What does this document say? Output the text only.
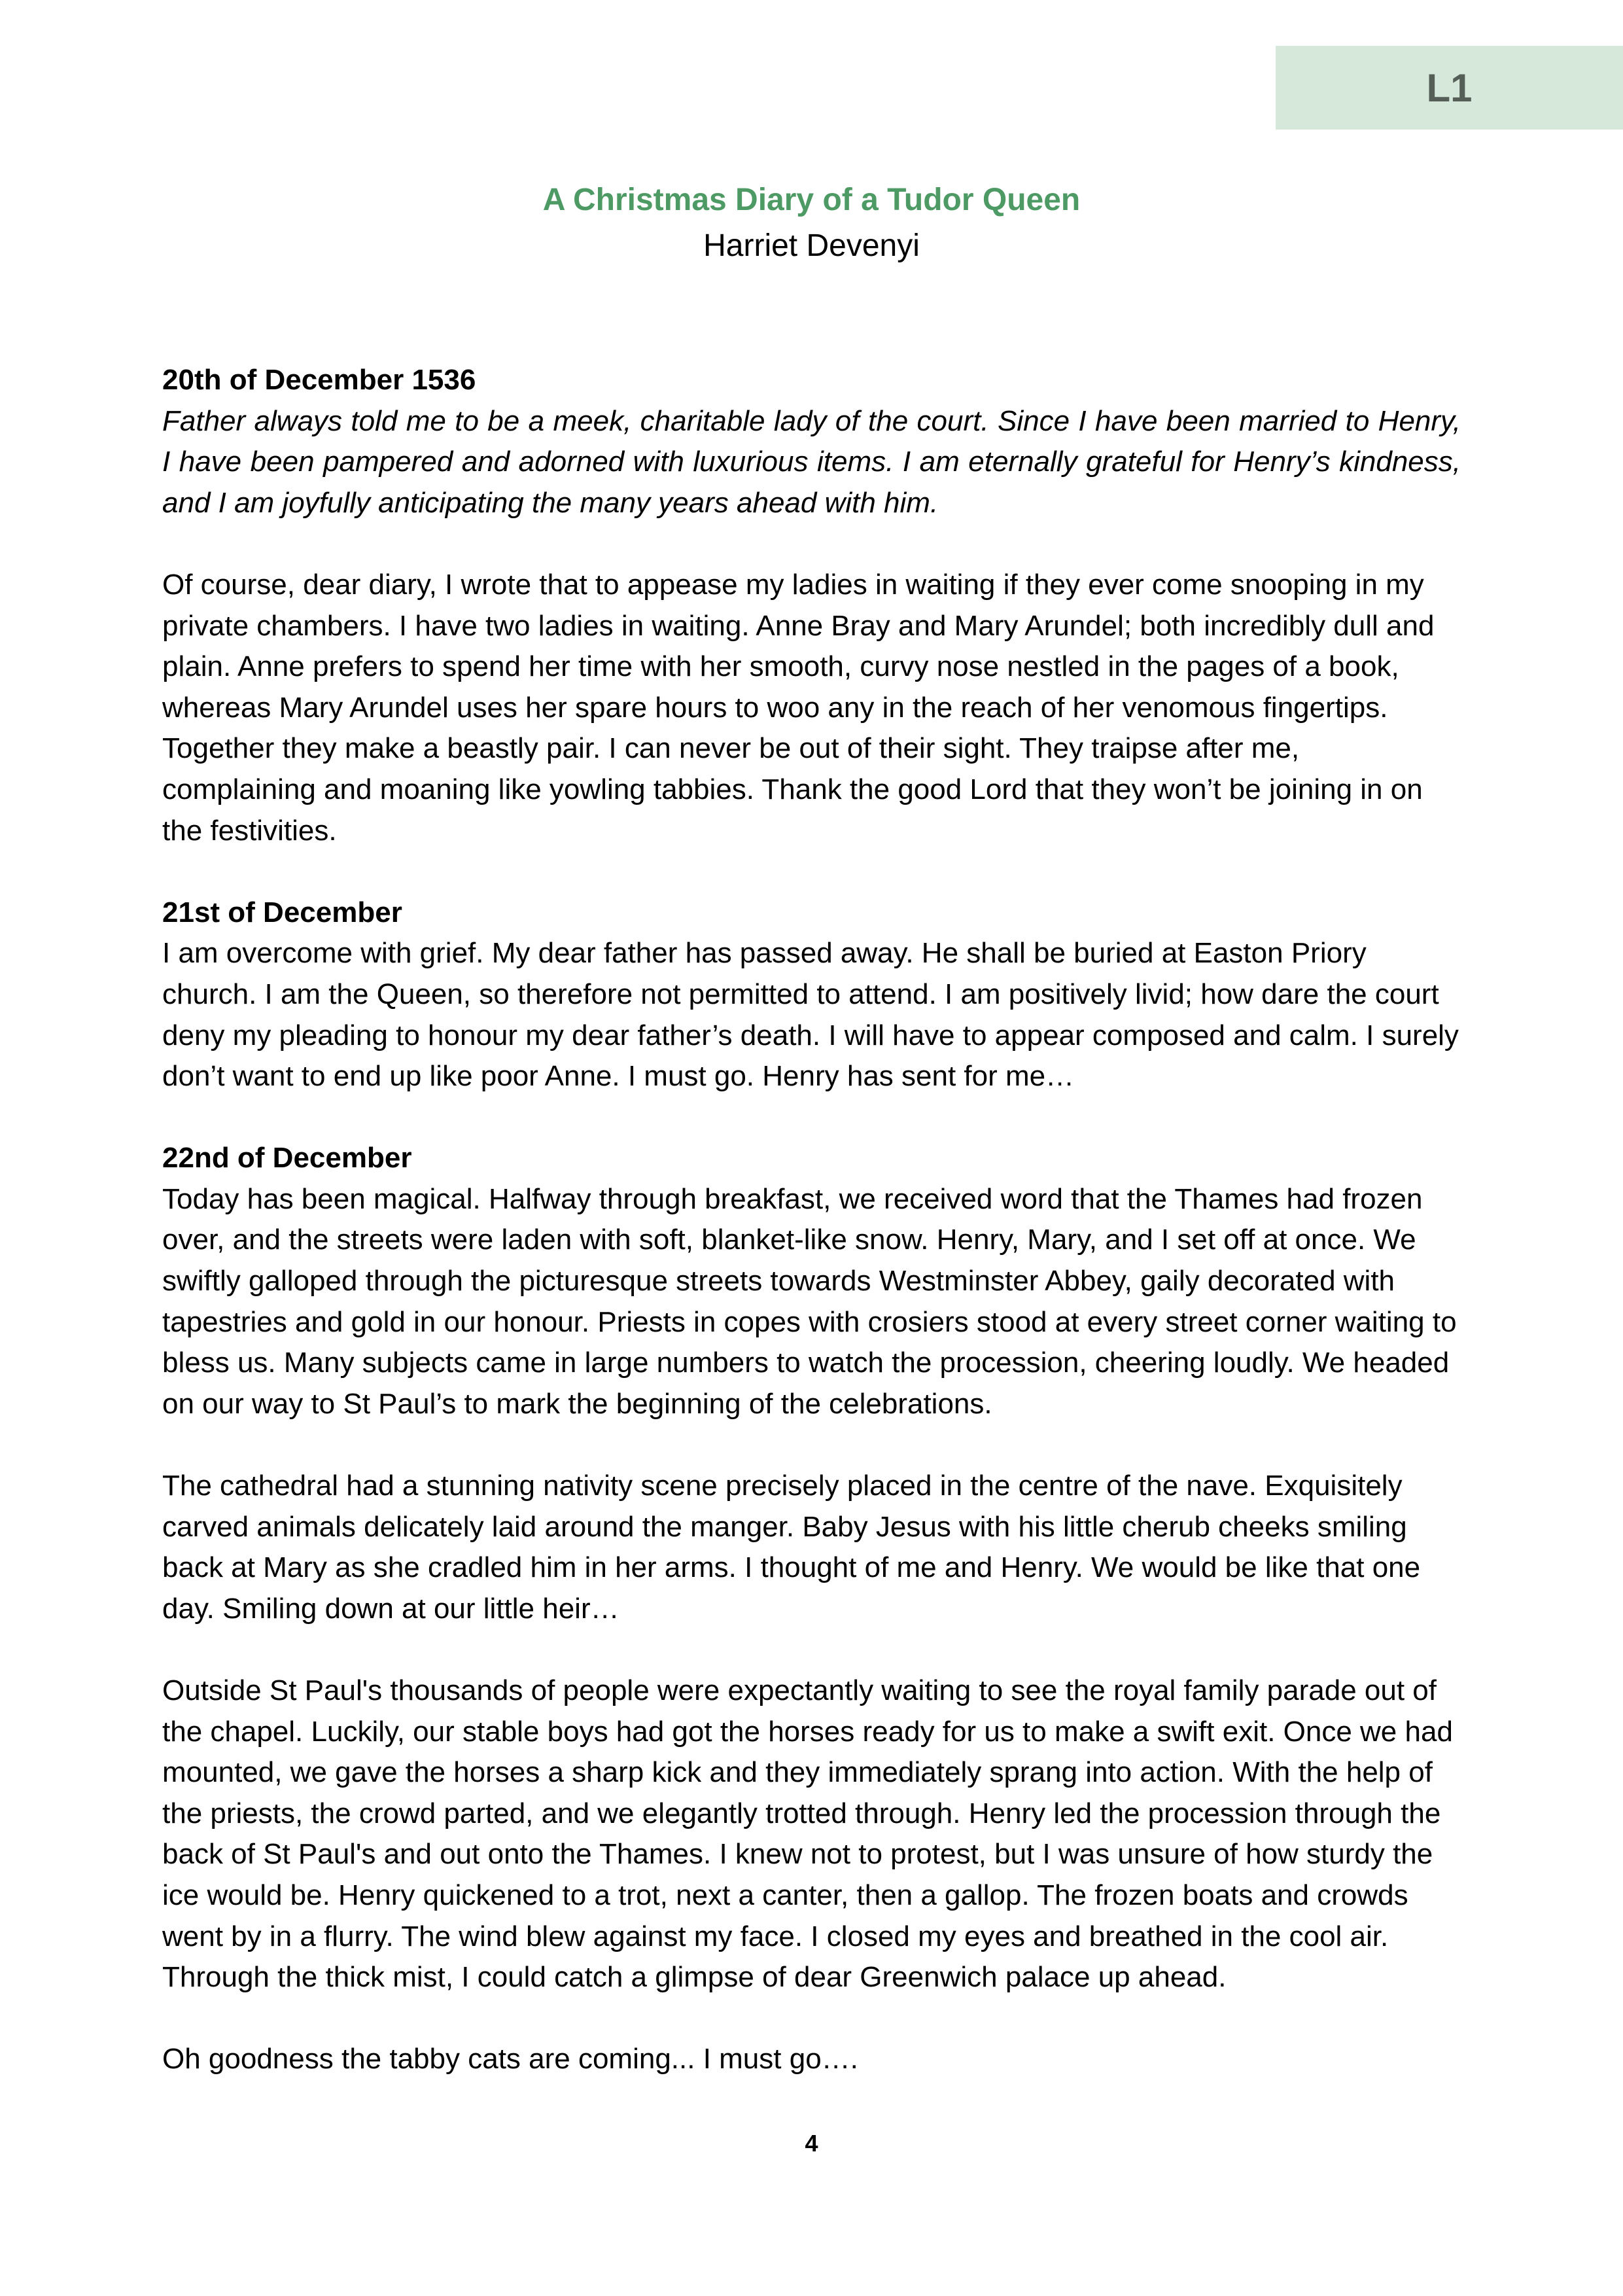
L1
A Christmas Diary of a Tudor Queen
Harriet Devenyi

20th of December 1536

Father always told me to be a meek, charitable lady of the court. Since I have been married to Henry, I have been pampered and adorned with luxurious items. I am eternally grateful for Henry’s kindness, and I am joyfully anticipating the many years ahead with him.

Of course, dear diary, I wrote that to appease my ladies in waiting if they ever come snooping in my private chambers. I have two ladies in waiting. Anne Bray and Mary Arundel; both incredibly dull and plain. Anne prefers to spend her time with her smooth, curvy nose nestled in the pages of a book, whereas Mary Arundel uses her spare hours to woo any in the reach of her venomous fingertips. Together they make a beastly pair. I can never be out of their sight. They traipse after me, complaining and moaning like yowling tabbies. Thank the good Lord that they won’t be joining in on the festivities.

21st of December

I am overcome with grief. My dear father has passed away. He shall be buried at Easton Priory church. I am the Queen, so therefore not permitted to attend. I am positively livid; how dare the court deny my pleading to honour my dear father’s death. I will have to appear composed and calm. I surely don’t want to end up like poor Anne. I must go. Henry has sent for me…

22nd of December

Today has been magical. Halfway through breakfast, we received word that the Thames had frozen over, and the streets were laden with soft, blanket-like snow. Henry, Mary, and I set off at once. We swiftly galloped through the picturesque streets towards Westminster Abbey, gaily decorated with tapestries and gold in our honour. Priests in copes with crosiers stood at every street corner waiting to bless us. Many subjects came in large numbers to watch the procession, cheering loudly. We headed on our way to St Paul’s to mark the beginning of the celebrations.

The cathedral had a stunning nativity scene precisely placed in the centre of the nave. Exquisitely carved animals delicately laid around the manger. Baby Jesus with his little cherub cheeks smiling back at Mary as she cradled him in her arms. I thought of me and Henry. We would be like that one day. Smiling down at our little heir…

Outside St Paul's thousands of people were expectantly waiting to see the royal family parade out of the chapel. Luckily, our stable boys had got the horses ready for us to make a swift exit. Once we had mounted, we gave the horses a sharp kick and they immediately sprang into action. With the help of the priests, the crowd parted, and we elegantly trotted through. Henry led the procession through the back of St Paul's and out onto the Thames. I knew not to protest, but I was unsure of how sturdy the ice would be. Henry quickened to a trot, next a canter, then a gallop. The frozen boats and crowds went by in a flurry. The wind blew against my face. I closed my eyes and breathed in the cool air. Through the thick mist, I could catch a glimpse of dear Greenwich palace up ahead.

Oh goodness the tabby cats are coming... I must go….

4
